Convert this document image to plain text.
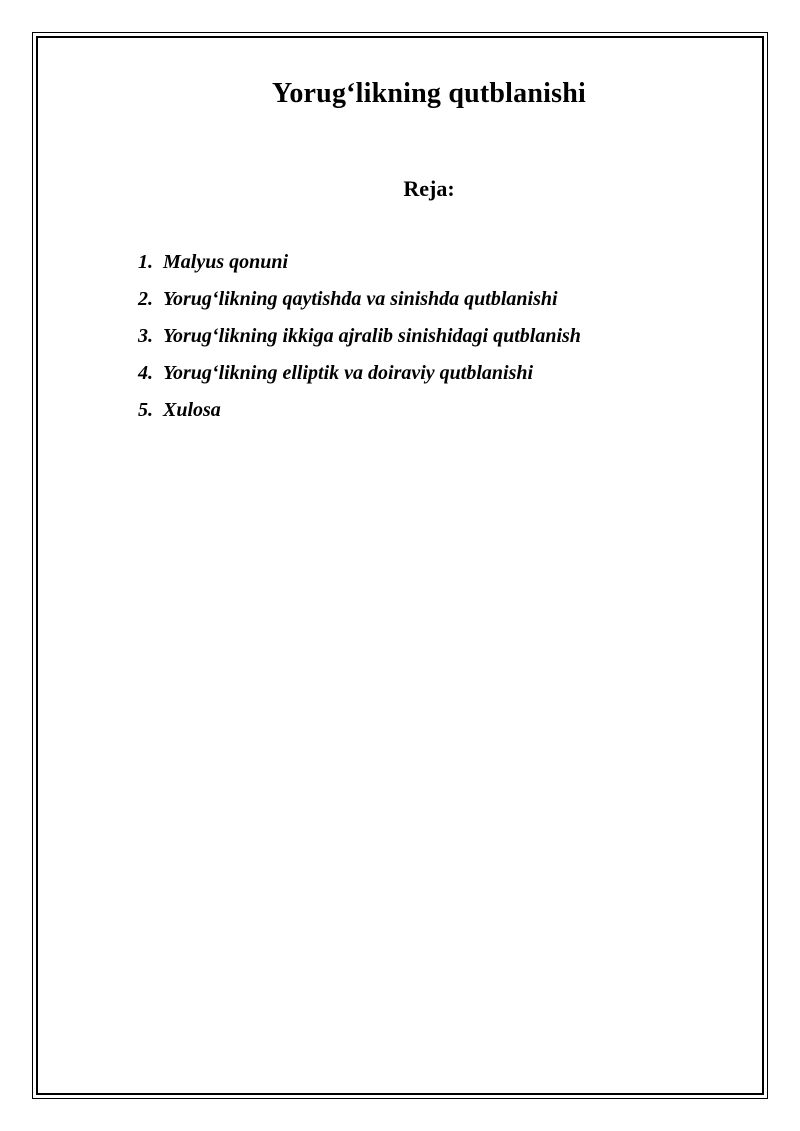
Yorug‘likning qutblanishi
Reja:
1. Malyus qonuni
2. Yorug‘likning qaytishda va sinishda qutblanishi
3. Yorug‘likning ikkiga ajralib sinishidagi qutblanish
4. Yorug‘likning elliptik va doiraviy qutblanishi
5. Xulosa
